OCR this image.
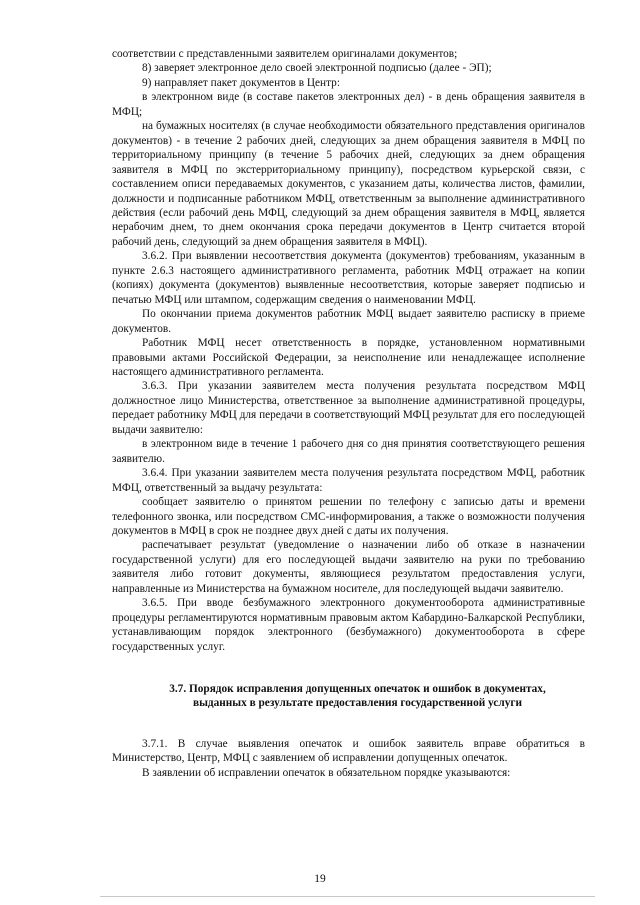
соответствии с представленными заявителем оригиналами документов;

8) заверяет электронное дело своей электронной подписью (далее - ЭП);

9) направляет пакет документов в Центр:

в электронном виде (в составе пакетов электронных дел) - в день обращения заявителя в МФЦ;

на бумажных носителях (в случае необходимости обязательного представления оригиналов документов) - в течение 2 рабочих дней, следующих за днем обращения заявителя в МФЦ по территориальному принципу (в течение 5 рабочих дней, следующих за днем обращения заявителя в МФЦ по экстерриториальному принципу), посредством курьерской связи, с составлением описи передаваемых документов, с указанием даты, количества листов, фамилии, должности и подписанные работником МФЦ, ответственным за выполнение административного действия (если рабочий день МФЦ, следующий за днем обращения заявителя в МФЦ, является нерабочим днем, то днем окончания срока передачи документов в Центр считается второй рабочий день, следующий за днем обращения заявителя в МФЦ).

3.6.2. При выявлении несоответствия документа (документов) требованиям, указанным в пункте 2.6.3 настоящего административного регламента, работник МФЦ отражает на копии (копиях) документа (документов) выявленные несоответствия, которые заверяет подписью и печатью МФЦ или штампом, содержащим сведения о наименовании МФЦ.

По окончании приема документов работник МФЦ выдает заявителю расписку в приеме документов.

Работник МФЦ несет ответственность в порядке, установленном нормативными правовыми актами Российской Федерации, за неисполнение или ненадлежащее исполнение настоящего административного регламента.

3.6.3. При указании заявителем места получения результата посредством МФЦ должностное лицо Министерства, ответственное за выполнение административной процедуры, передает работнику МФЦ для передачи в соответствующий МФЦ результат для его последующей выдачи заявителю:

в электронном виде в течение 1 рабочего дня со дня принятия соответствующего решения заявителю.

3.6.4. При указании заявителем места получения результата посредством МФЦ, работник МФЦ, ответственный за выдачу результата:

сообщает заявителю о принятом решении по телефону с записью даты и времени телефонного звонка, или посредством СМС-информирования, а также о возможности получения документов в МФЦ в срок не позднее двух дней с даты их получения.

распечатывает результат (уведомление о назначении либо об отказе в назначении государственной услуги) для его последующей выдачи заявителю на руки по требованию заявителя либо готовит документы, являющиеся результатом предоставления услуги, направленные из Министерства на бумажном носителе, для последующей выдачи заявителю.

3.6.5. При вводе безбумажного электронного документооборота административные процедуры регламентируются нормативным правовым актом Кабардино-Балкарской Республики, устанавливающим порядок электронного (безбумажного) документооборота в сфере государственных услуг.

3.7. Порядок исправления допущенных опечаток и ошибок в документах,
выданных в результате предоставления государственной услуги

3.7.1. В случае выявления опечаток и ошибок заявитель вправе обратиться в Министерство, Центр, МФЦ с заявлением об исправлении допущенных опечаток.

В заявлении об исправлении опечаток в обязательном порядке указываются:

19
